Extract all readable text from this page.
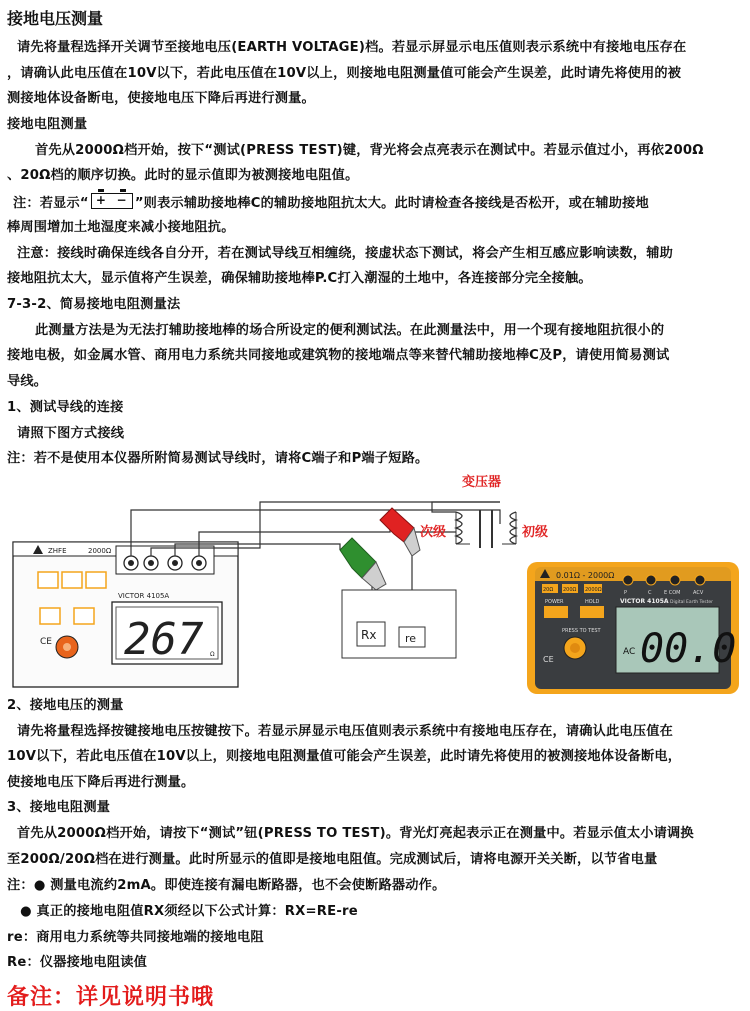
接地电压测量
请先将量程选择开关调节至接地电压(EARTH VOLTAGE)档。若显示屏显示电压值则表示系统中有接地电压存在
，请确认此电压值在10V以下，若此电压值在10V以上，则接地电阻测量值可能会产生误差，此时请先将使用的被
测接地体设备断电，使接地电压下降后再进行测量。
接地电阻测量
首先从2000Ω档开始，按下“测试(PRESS TEST)键，背光将会点亮表示在测试中。若显示值过小，再依200Ω
、20Ω档的顺序切换。此时的显示值即为被测接地电阻值。
注：若显示“ + − ”则表示辅助接地棒C的辅助接地阻抗太大。此时请检查各接线是否松开，或在辅助接地
棒周围增加土地湿度来减小接地阻抗。
注意：接线时确保连线各自分开，若在测试导线互相缠绕，接虚状态下测试，将会产生相互感应影响读数，辅助
接地阻抗太大，显示值将产生误差，确保辅助接地棒P.C打入潮湿的土地中，各连接部分完全接触。
7-3-2、简易接地电阻测量法
此测量方法是为无法打辅助接地棒的场合所设定的便利测试法。在此测量法中，用一个现有接地阻抗很小的
接地电极，如金属水管、商用电力系统共同接地或建筑物的接地端点等来替代辅助接地棒C及P，请使用简易测试
导线。
1、测试导线的连接
请照下图方式接线
注：若不是使用本仪器所附简易测试导线时，请将C端子和P端子短路。
ZHFE	2000Ω
CE
VICTOR 4105A
267 Ω
Rx	re
变压器
次级	初级
0.01Ω - 2000Ω
P	C	E COM	ACV
20Ω 200Ω 2000Ω
POWER	HOLD
PRESS TO TEST
CE
VICTOR 4105A Digital Earth Tester
AC 00.0
2、接地电压的测量
请先将量程选择按键接地电压按键按下。若显示屏显示电压值则表示系统中有接地电压存在，请确认此电压值在
10V以下，若此电压值在10V以上，则接地电阻测量值可能会产生误差，此时请先将使用的被测接地体设备断电，
使接地电压下降后再进行测量。
3、接地电阻测量
首先从2000Ω档开始，请按下“测试”钮(PRESS TO TEST)。背光灯亮起表示正在测量中。若显示值太小请调换
至200Ω/20Ω档在进行测量。此时所显示的值即是接地电阻值。完成测试后，请将电源开关关断，以节省电量
注：● 测量电流约2mA。即使连接有漏电断路器，也不会使断路器动作。
● 真正的接地电阻值RX须经以下公式计算：RX=RE-re
re：商用电力系统等共同接地端的接地电阻
Re：仪器接地电阻读值
备注：详见说明书哦
